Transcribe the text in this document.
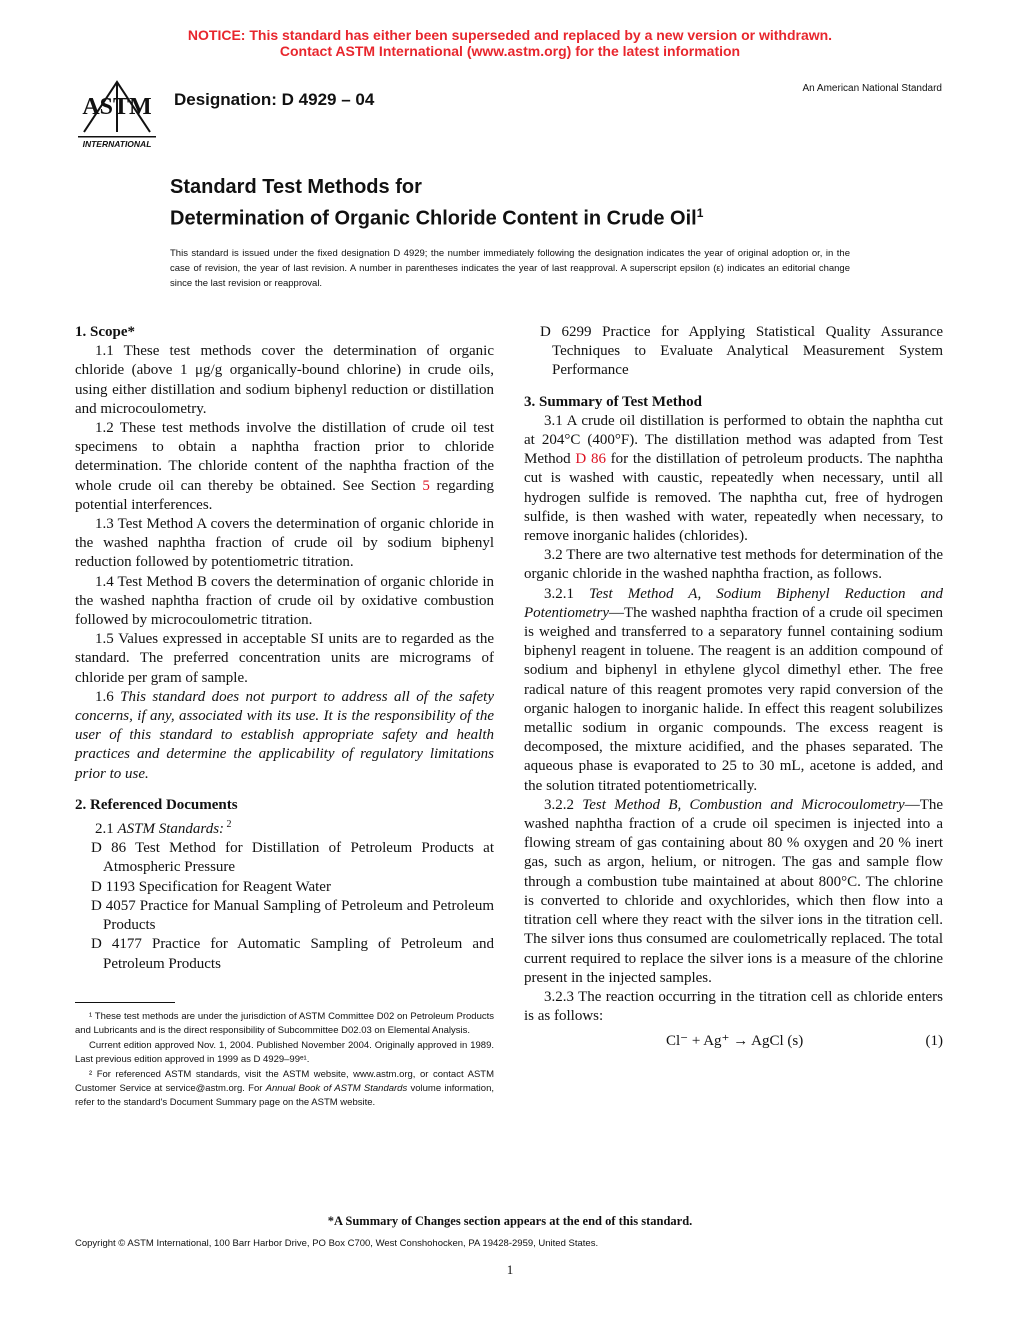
NOTICE: This standard has either been superseded and replaced by a new version or withdrawn.
Contact ASTM International (www.astm.org) for the latest information
ASTM
INTERNATIONAL
Designation: D 4929 – 04
An American National Standard
Standard Test Methods for
Determination of Organic Chloride Content in Crude Oil$^1$
This standard is issued under the fixed designation D 4929; the number immediately following the designation indicates the year of original adoption or, in the case of revision, the year of last revision. A number in parentheses indicates the year of last reapproval. A superscript epsilon (ε) indicates an editorial change since the last revision or reapproval.
1. Scope*

1.1 These test methods cover the determination of organic chloride (above 1 μg/g organically-bound chlorine) in crude oils, using either distillation and sodium biphenyl reduction or distillation and microcoulometry.

1.2 These test methods involve the distillation of crude oil test specimens to obtain a naphtha fraction prior to chloride determination. The chloride content of the naphtha fraction of the whole crude oil can thereby be obtained. See Section 5 regarding potential interferences.

1.3 Test Method A covers the determination of organic chloride in the washed naphtha fraction of crude oil by sodium biphenyl reduction followed by potentiometric titration.

1.4 Test Method B covers the determination of organic chloride in the washed naphtha fraction of crude oil by oxidative combustion followed by microcoulometric titration.

1.5 Values expressed in acceptable SI units are to regarded as the standard. The preferred concentration units are micrograms of chloride per gram of sample.

1.6 This standard does not purport to address all of the safety concerns, if any, associated with its use. It is the responsibility of the user of this standard to establish appropriate safety and health practices and determine the applicability of regulatory limitations prior to use.

2. Referenced Documents

2.1 ASTM Standards: $^2$

D 86 Test Method for Distillation of Petroleum Products at Atmospheric Pressure

D 1193 Specification for Reagent Water

D 4057 Practice for Manual Sampling of Petroleum and Petroleum Products

D 4177 Practice for Automatic Sampling of Petroleum and Petroleum Products

D 6299 Practice for Applying Statistical Quality Assurance Techniques to Evaluate Analytical Measurement System Performance

3. Summary of Test Method

3.1 A crude oil distillation is performed to obtain the naphtha cut at 204°C (400°F). The distillation method was adapted from Test Method D 86 for the distillation of petroleum products. The naphtha cut is washed with caustic, repeatedly when necessary, until all hydrogen sulfide is removed. The naphtha cut, free of hydrogen sulfide, is then washed with water, repeatedly when necessary, to remove inorganic halides (chlorides).

3.2 There are two alternative test methods for determination of the organic chloride in the washed naphtha fraction, as follows.

3.2.1 Test Method A, Sodium Biphenyl Reduction and Potentiometry—The washed naphtha fraction of a crude oil specimen is weighed and transferred to a separatory funnel containing sodium biphenyl reagent in toluene. The reagent is an addition compound of sodium and biphenyl in ethylene glycol dimethyl ether. The free radical nature of this reagent promotes very rapid conversion of the organic halogen to inorganic halide. In effect this reagent solubilizes metallic sodium in organic compounds. The excess reagent is decomposed, the mixture acidified, and the phases separated. The aqueous phase is evaporated to 25 to 30 mL, acetone is added, and the solution titrated potentiometrically.

3.2.2 Test Method B, Combustion and Microcoulometry—The washed naphtha fraction of a crude oil specimen is injected into a flowing stream of gas containing about 80 % oxygen and 20 % inert gas, such as argon, helium, or nitrogen. The gas and sample flow through a combustion tube maintained at about 800°C. The chlorine is converted to chloride and oxychlorides, which then flow into a titration cell where they react with the silver ions in the titration cell. The silver ions thus consumed are coulometrically replaced. The total current required to replace the silver ions is a measure of the chlorine present in the injected samples.

3.2.3 The reaction occurring in the titration cell as chloride enters is as follows:

Cl⁻ + Ag⁺ → AgCl (s)	(1)

¹ These test methods are under the jurisdiction of ASTM Committee D02 on Petroleum Products and Lubricants and is the direct responsibility of Subcommittee D02.03 on Elemental Analysis.

Current edition approved Nov. 1, 2004. Published November 2004. Originally approved in 1989. Last previous edition approved in 1999 as D 4929–99ᵉ¹.

² For referenced ASTM standards, visit the ASTM website, www.astm.org, or contact ASTM Customer Service at service@astm.org. For Annual Book of ASTM Standards volume information, refer to the standard's Document Summary page on the ASTM website.

*A Summary of Changes section appears at the end of this standard.
Copyright © ASTM International, 100 Barr Harbor Drive, PO Box C700, West Conshohocken, PA 19428-2959, United States.
1
